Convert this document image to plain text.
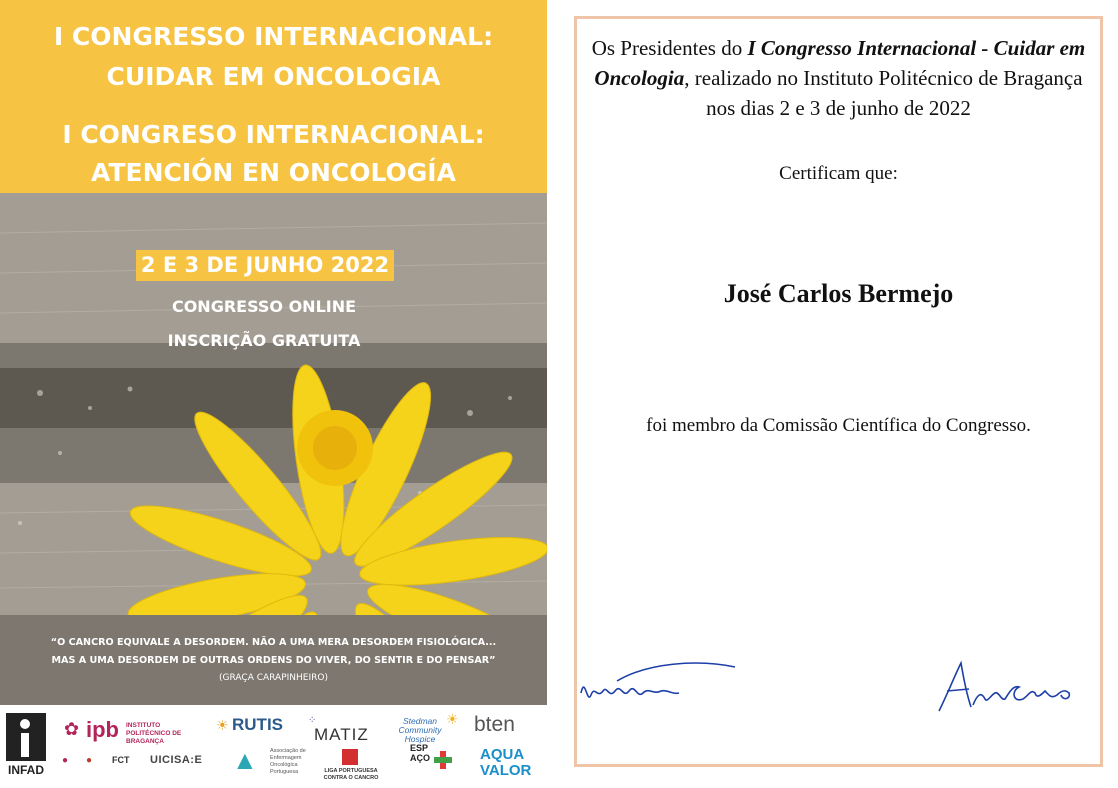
I CONGRESSO INTERNACIONAL:
CUIDAR EM ONCOLOGIA
I CONGRESO INTERNACIONAL:
ATENCIÓN EN ONCOLOGÍA
2 E 3 DE JUNHO 2022
CONGRESSO ONLINE
INSCRIÇÃO GRATUITA
“O CANCRO EQUIVALE A DESORDEM. NÃO A UMA MERA DESORDEM FISIOLÓGICA...
MAS A UMA DESORDEM DE OUTRAS ORDENS DO VIVER, DO SENTIR E DO PENSAR”
(GRAÇA CARAPINHEIRO)
INFAD
✿ ipb INSTITUTO POLITÉCNICO DE BRAGANÇA
☀ RUTIS	⁘
MATIZ
☀
Stedman Community Hospice
bten
● ● FCT UICISA:E ▲ Associação de Enfermagem Oncológica Portuguesa	LIGA PORTUGUESA CONTRA O CANCRO
ESPAÇO	AQUA
VALOR
Os Presidentes do I Congresso Internacional - Cuidar em Oncologia, realizado no Instituto Politécnico de Bragança nos dias 2 e 3 de junho de 2022
Certificam que:
José Carlos Bermejo
foi membro da Comissão Científica do Congresso.
